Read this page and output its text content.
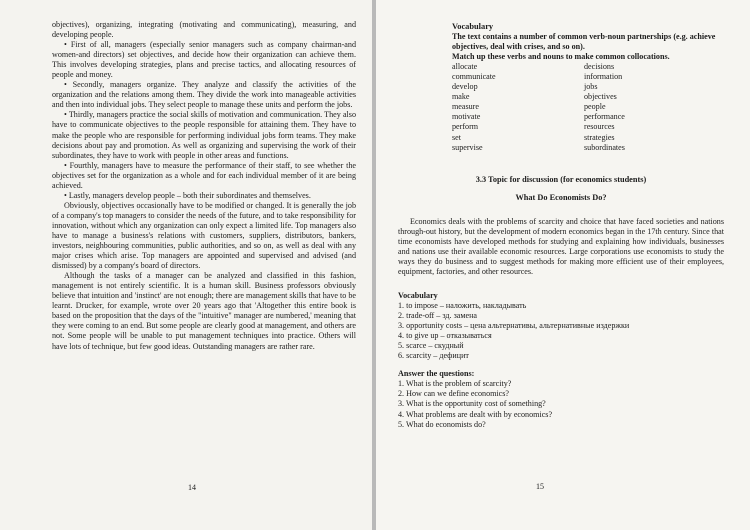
objectives), organizing, integrating (motivating and communicating), measuring, and developing people.

• First of all, managers (especially senior managers such as company chairman-and women-and directors) set objectives, and decide how their organization can achieve them. This involves developing strategies, plans and precise tactics, and allocating resources of people and money.

• Secondly, managers organize. They analyze and classify the activities of the organization and the relations among them. They divide the work into manageable activities and then into individual jobs. They select people to manage these units and perform the jobs.

• Thirdly, managers practice the social skills of motivation and communication. They also have to communicate objectives to the people responsible for attaining them. They have to make the people who are responsible for performing individual jobs form teams. They make decisions about pay and promotion. As well as organizing and supervising the work of their subordinates, they have to work with people in other areas and functions.

• Fourthly, managers have to measure the performance of their staff, to see whether the objectives set for the organization as a whole and for each individual member of it are being achieved.

• Lastly, managers develop people – both their subordinates and themselves.

Obviously, objectives occasionally have to be modified or changed. It is generally the job of a company's top managers to consider the needs of the future, and to take responsibility for innovation, without which any organization can only expect a limited life. Top managers also have to manage a business's relations with customers, suppliers, distributors, bankers, investors, neighbouring communities, public authorities, and so on, as well as deal with any major crises which arise. Top managers are appointed and supervised and advised (and dismissed) by a company's board of directors.

Although the tasks of a manager can be analyzed and classified in this fashion, management is not entirely scientific. It is a human skill. Business professors obviously believe that intuition and 'instinct' are not enough; there are management skills that have to be learnt. Drucker, for example, wrote over 20 years ago that 'Altogether this entire book is based on the proposition that the days of the "intuitive" manager are numbered,' meaning that they were coming to an end. But some people are clearly good at management, and others are not. Some people will be unable to put management techniques into practice. Others will have lots of technique, but few good ideas. Outstanding managers are rather rare.

14
Vocabulary
The text contains a number of common verb-noun partnerships (e.g. achieve objectives, deal with crises, and so on).
Match up these verbs and nouns to make common collocations.
allocate
communicate
develop
make
measure
motivate
perform
set
supervise
decisions
information
jobs
objectives
people
performance
resources
strategies
subordinates
3.3 Topic for discussion (for economics students)
What Do Economists Do?

Economics deals with the problems of scarcity and choice that have faced societies and nations through-out history, but the development of modern economics began in the 17th century. Since that time economists have developed methods for studying and explaining how individuals, businesses and nations use their available economic resources. Large corporations use economists to study the ways they do business and to suggest methods for making more efficient use of their employees, equipment, factories, and other resources.

Vocabulary
1. to impose – наложить, накладывать
2. trade-off – зд. замена
3. opportunity costs – цена альтернативы, альтернативные издержки
4. to give up – отказываться
5. scarce – скудный
6. scarcity – дефицит
Answer the questions:
1. What is the problem of scarcity?
2. How can we define economics?
3. What is the opportunity cost of something?
4. What problems are dealt with by economics?
5. What do economists do?
15
